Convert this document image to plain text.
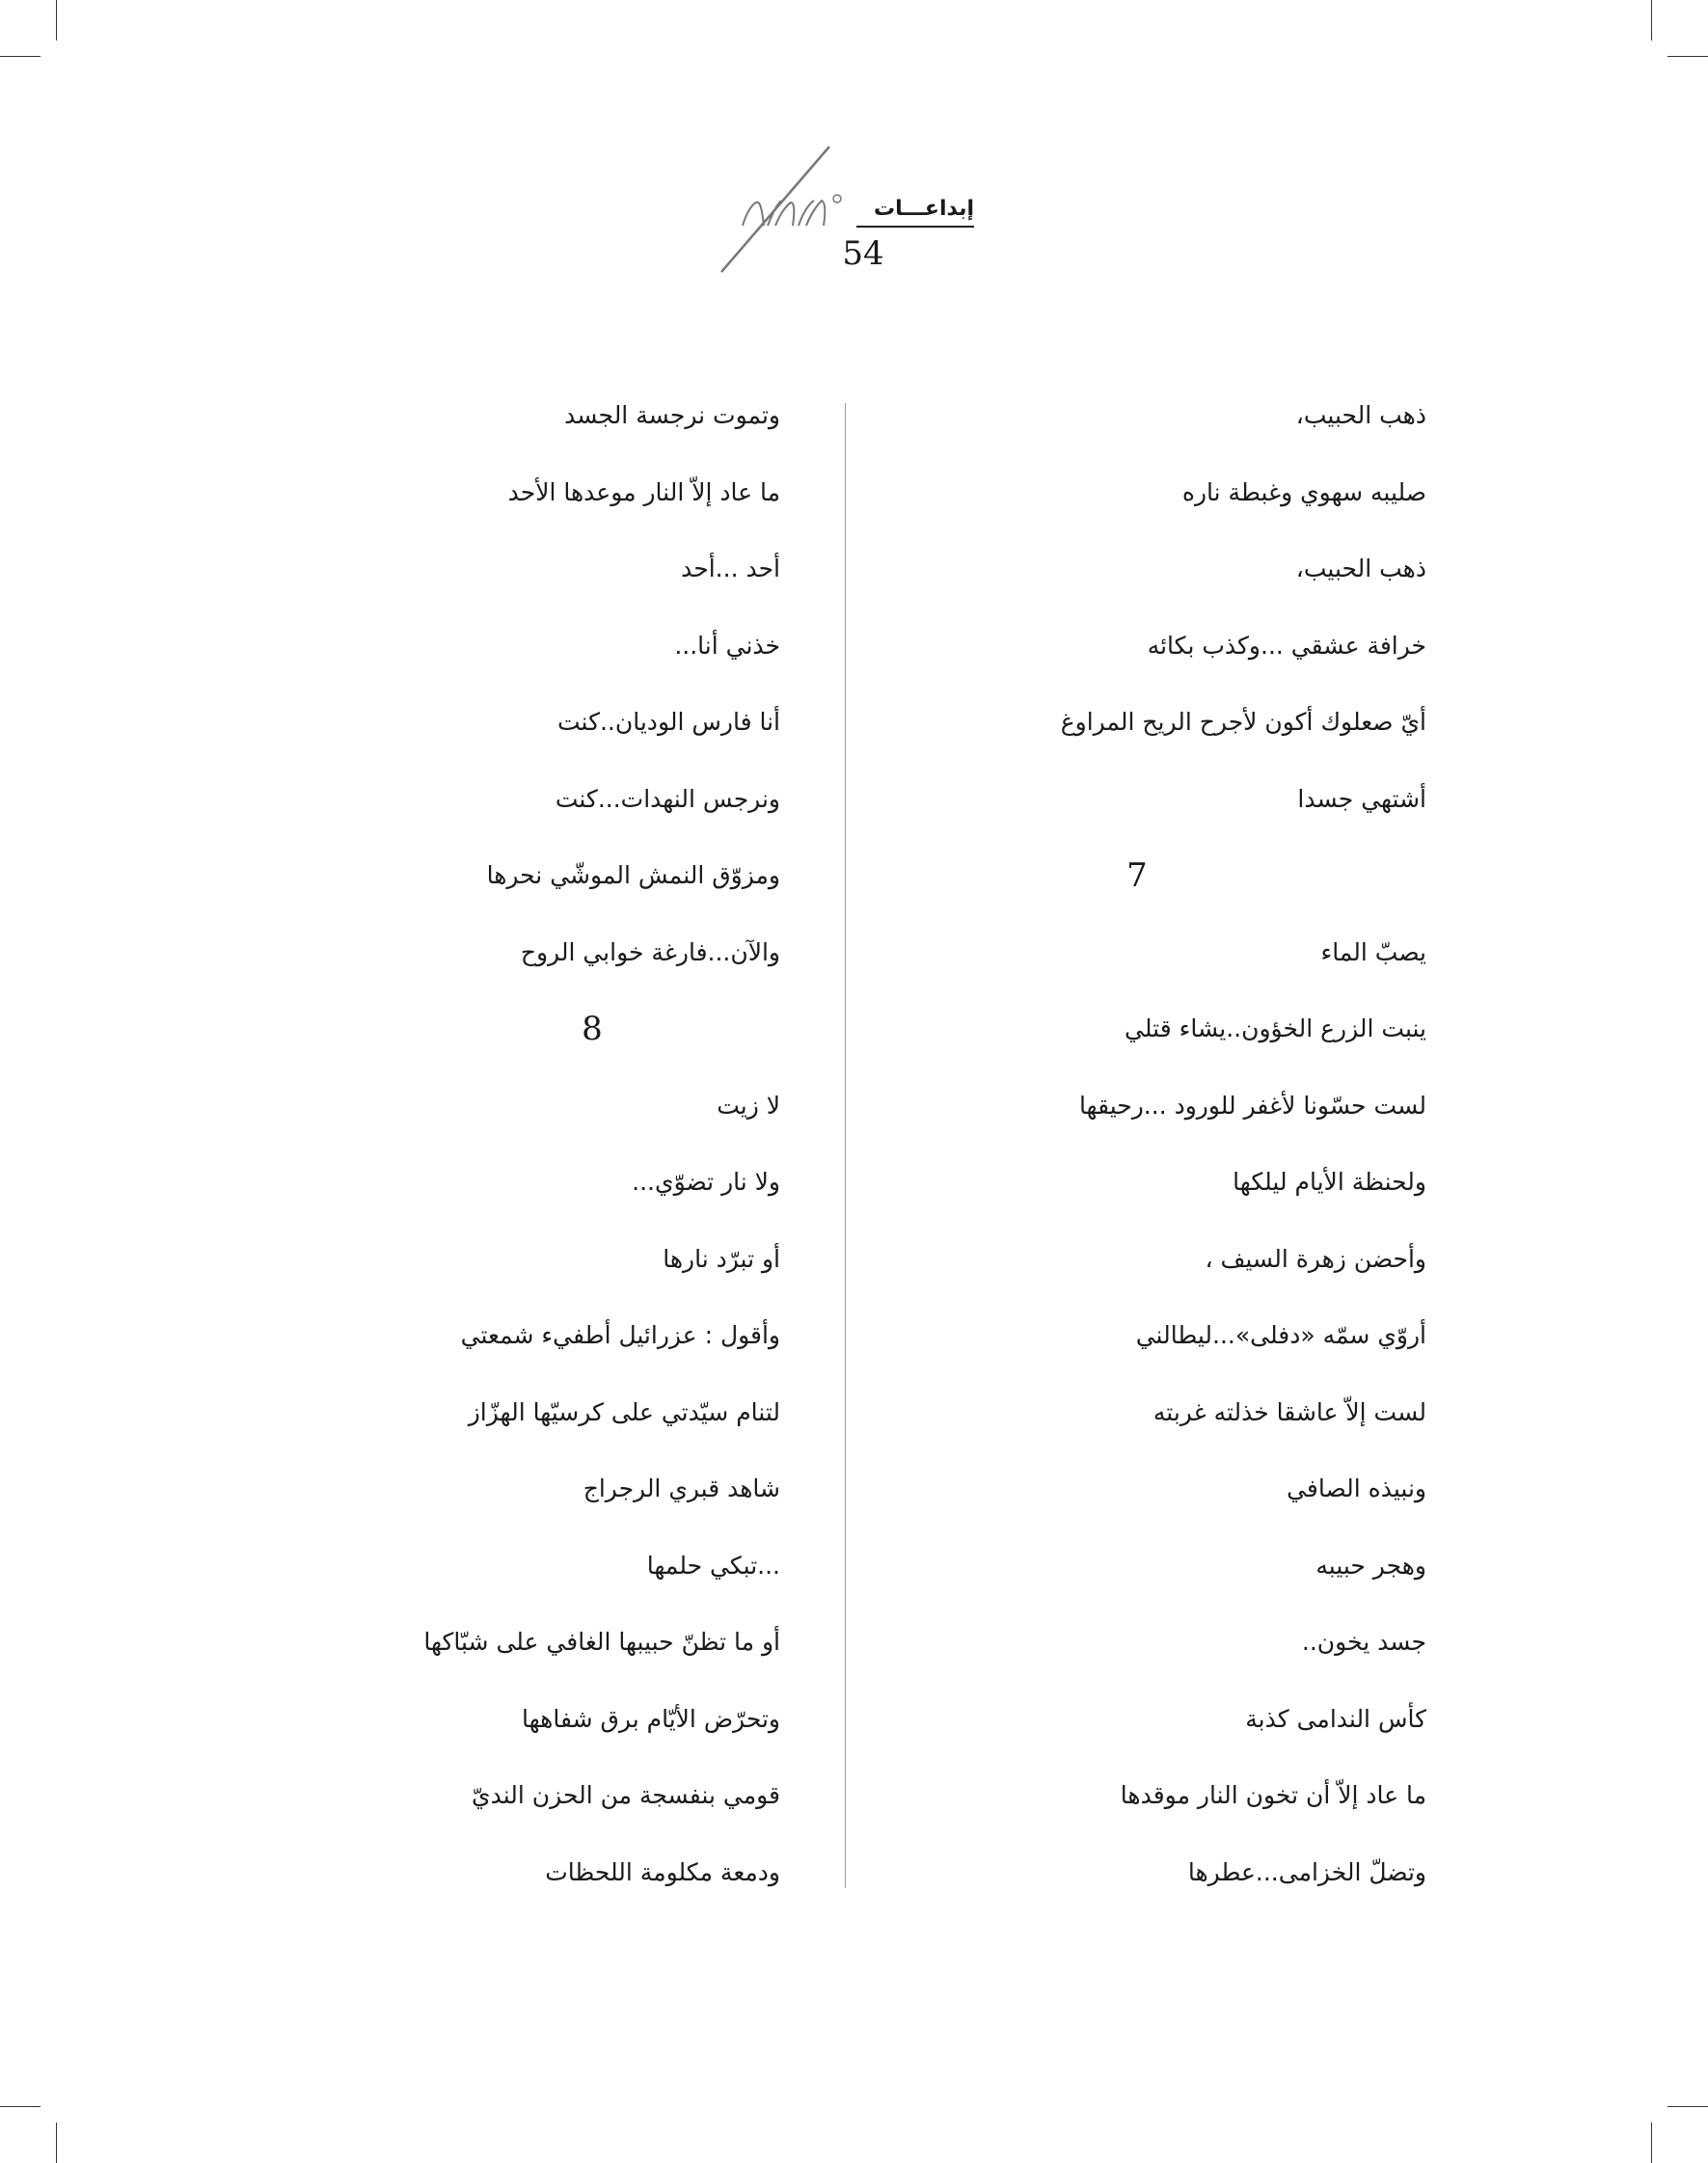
إبداعـــات
54
ذهب الحبيب،
صليبه سهوي وغبطة ناره
ذهب الحبيب،
خرافة عشقي ...وكذب بكائه
أيّ صعلوك أكون لأجرح الريح المراوغ
أشتهي جسدا
7
يصبّ الماء
ينبت الزرع الخؤون..يشاء قتلي
لست حسّونا لأغفر للورود ...رحيقها
ولحنظة الأيام ليلكها
وأحضن زهرة السيف ،
أروّي سمّه «دفلى»...ليطالني
لست إلاّ عاشقا خذلته غربته
ونبيذه الصافي
وهجر حبيبه
جسد يخون..
كأس الندامى كذبة
ما عاد إلاّ أن تخون النار موقدها
وتضلّ الخزامى...عطرها
وتموت نرجسة الجسد
ما عاد إلاّ النار موعدها الأحد
أحد ...أحد
خذني أنا...
أنا فارس الوديان..كنت
ونرجس النهدات...كنت
ومزوّق النمش الموشّي نحرها
والآن...فارغة خوابي الروح
8
لا زيت
ولا نار تضوّي...
أو تبرّد نارها
وأقول : عزرائيل أطفيء شمعتي
لتنام سيّدتي على كرسيّها الهزّاز
شاهد قبري الرجراج
...تبكي حلمها
أو ما تظنّ حبيبها الغافي على شبّاكها
وتحرّض الأيّام برق شفاهها
قومي بنفسجة من الحزن النديّ
ودمعة مكلومة اللحظات
